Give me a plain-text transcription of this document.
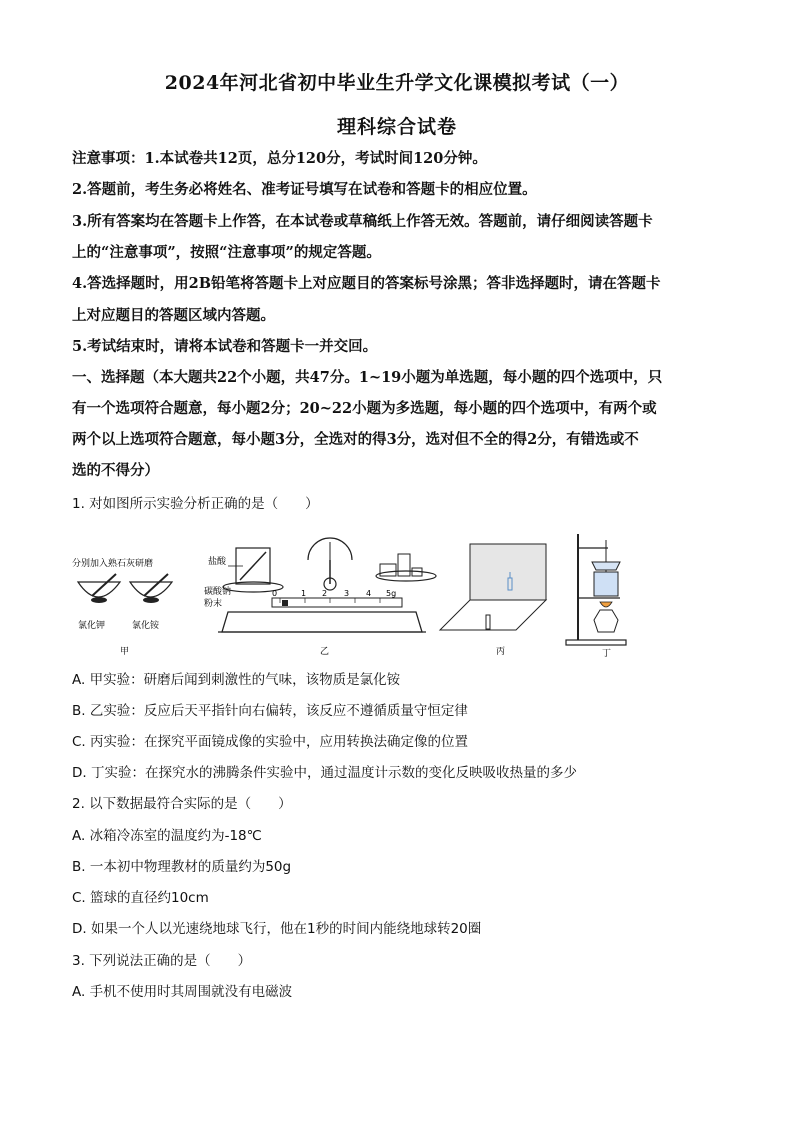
2024年河北省初中毕业生升学文化课模拟考试（一）
理科综合试卷
注意事项：1.本试卷共12页，总分120分，考试时间120分钟。
2.答题前，考生务必将姓名、准考证号填写在试卷和答题卡的相应位置。
3.所有答案均在答题卡上作答，在本试卷或草稿纸上作答无效。答题前，请仔细阅读答题卡
上的“注意事项”，按照“注意事项”的规定答题。
4.答选择题时，用2B铅笔将答题卡上对应题目的答案标号涂黑；答非选择题时，请在答题卡
上对应题目的答题区域内答题。
5.考试结束时，请将本试卷和答题卡一并交回。
一、选择题（本大题共22个小题，共47分。1~19小题为单选题，每小题的四个选项中，只
有一个选项符合题意，每小题2分；20~22小题为多选题，每小题的四个选项中，有两个或
两个以上选项符合题意，每小题3分，全选对的得3分，选对但不全的得2分，有错选或不
选的不得分）
1. 对如图所示实验分析正确的是（　　）
分别加入熟石灰研磨
氯化钾	氯化铵
甲
盐酸
碳酸钠
粉末
0	1 2 3 4 5g
乙	丙	丁
A. 甲实验：研磨后闻到刺激性的气味，该物质是氯化铵
B. 乙实验：反应后天平指针向右偏转，该反应不遵循质量守恒定律
C. 丙实验：在探究平面镜成像的实验中，应用转换法确定像的位置
D. 丁实验：在探究水的沸腾条件实验中，通过温度计示数的变化反映吸收热量的多少
2. 以下数据最符合实际的是（　　）
A. 冰箱冷冻室的温度约为-18℃
B. 一本初中物理教材的质量约为50g
C. 篮球的直径约10cm
D. 如果一个人以光速绕地球飞行，他在1秒的时间内能绕地球转20圈
3. 下列说法正确的是（　　）
A. 手机不使用时其周围就没有电磁波
